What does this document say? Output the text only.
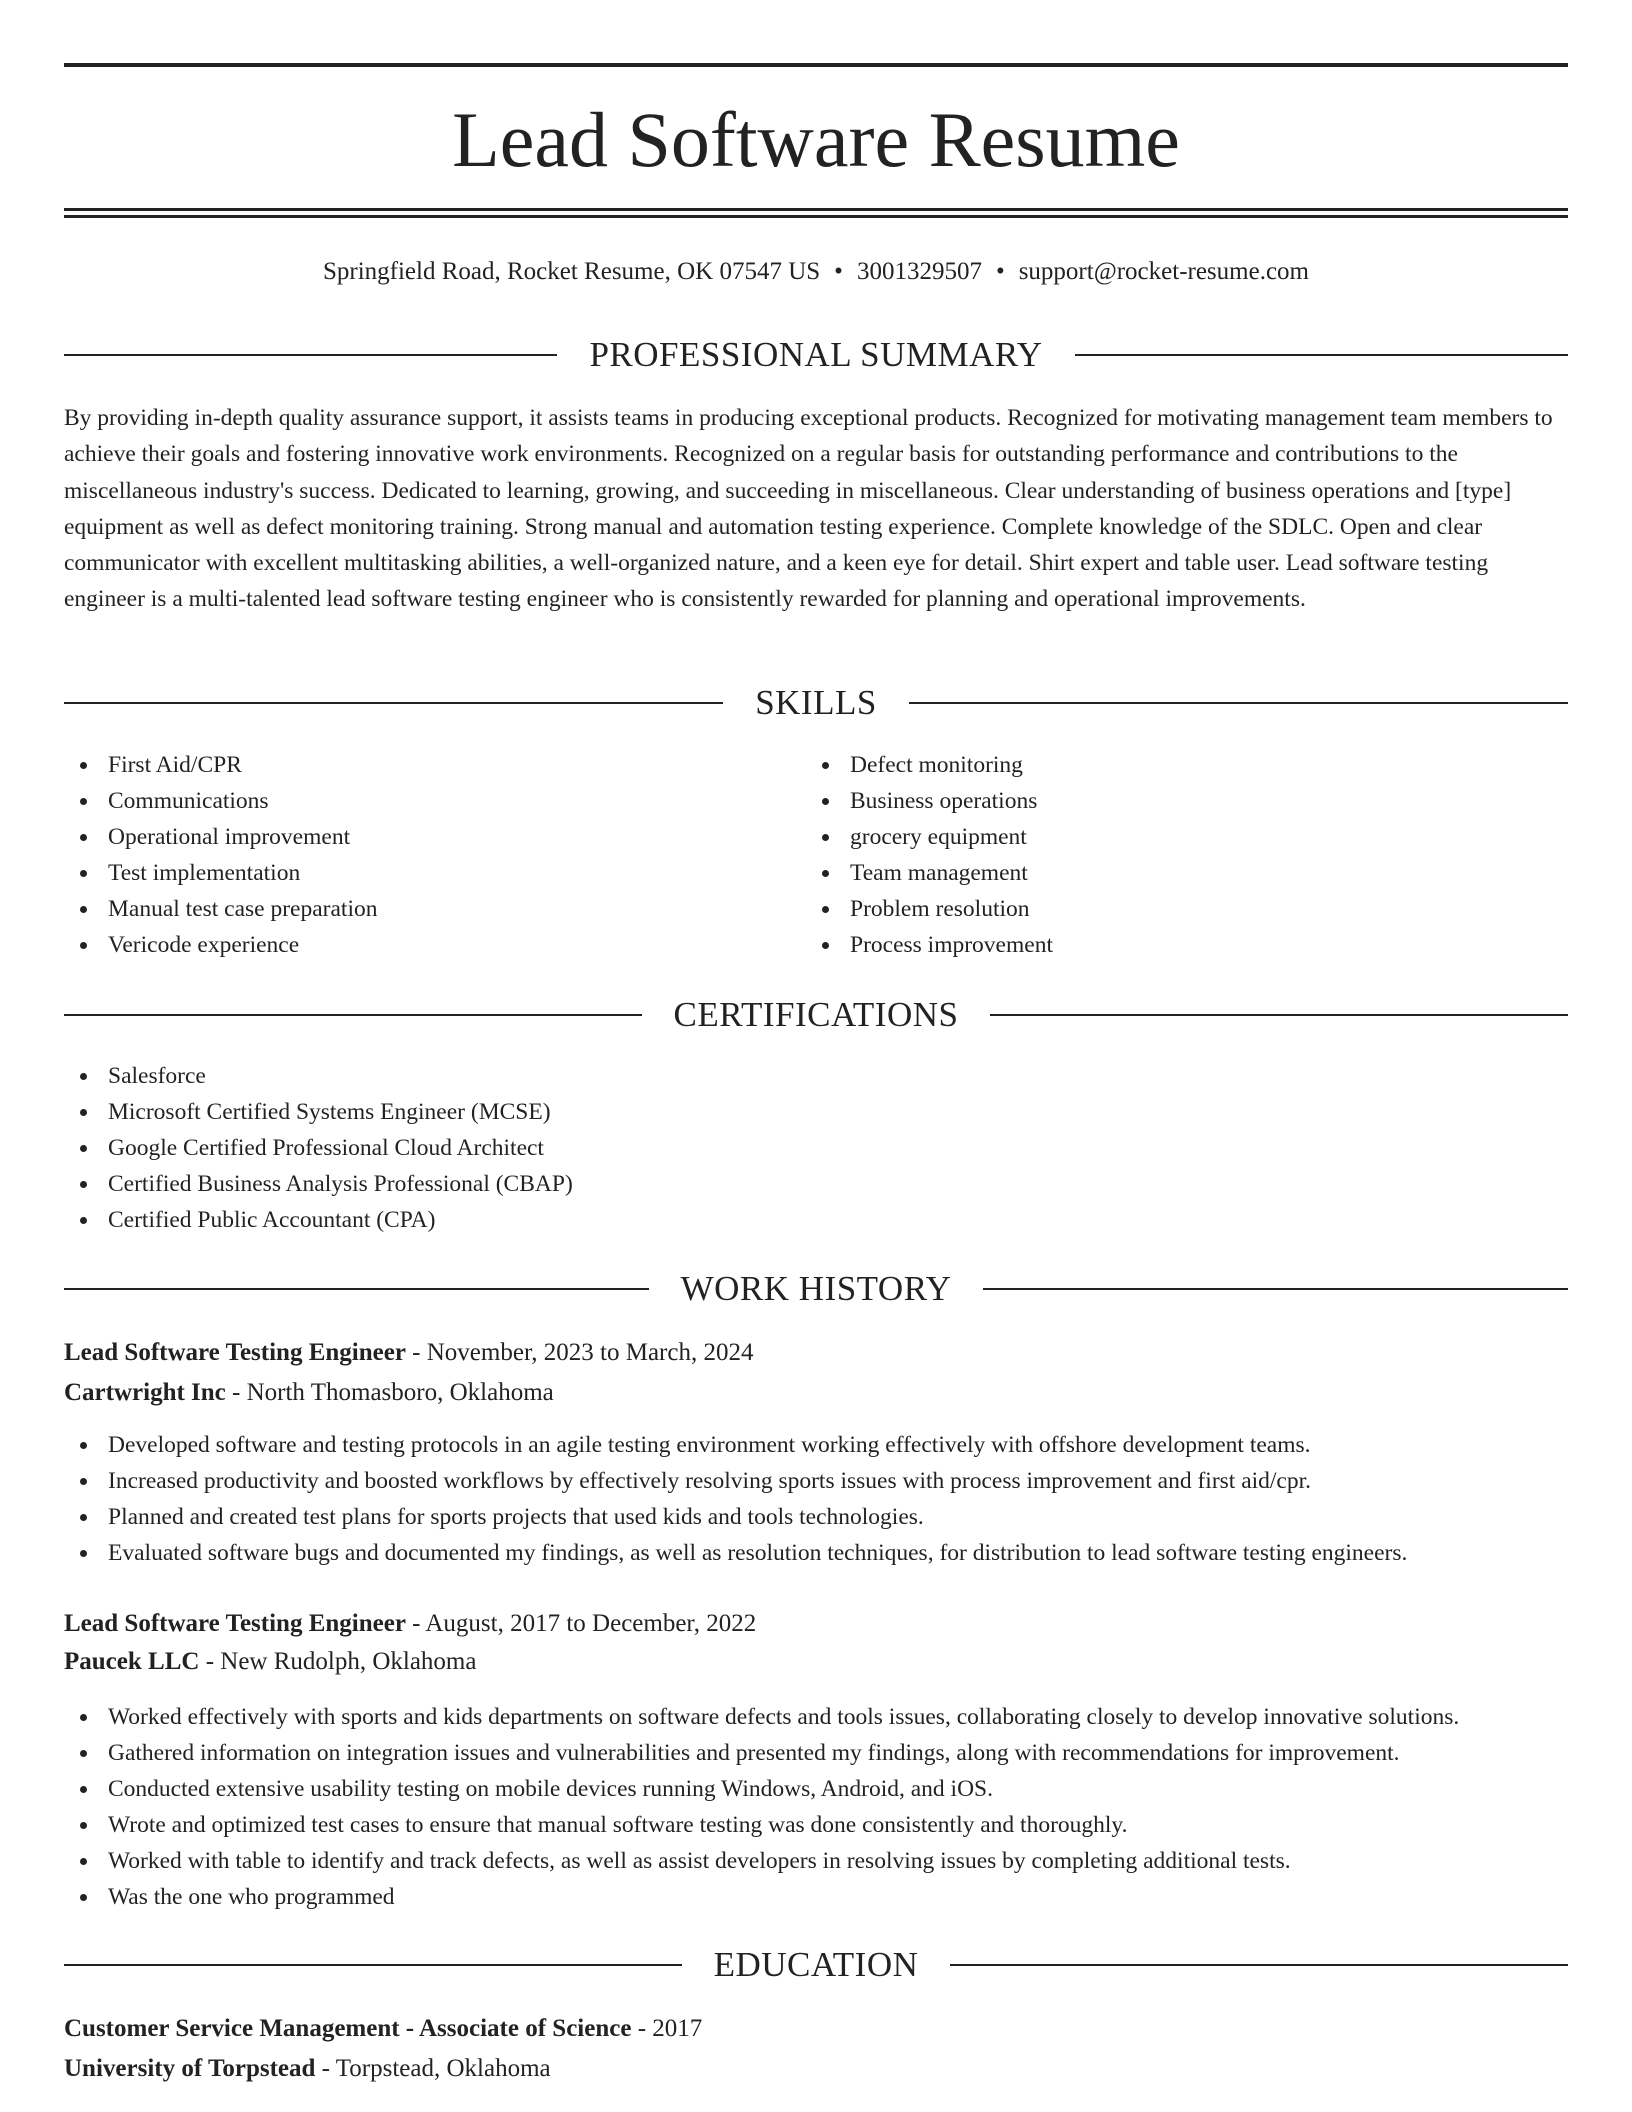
Lead Software Resume
Springfield Road, Rocket Resume, OK 07547 US • 3001329507 • support@rocket-resume.com
PROFESSIONAL SUMMARY

By providing in-depth quality assurance support, it assists teams in producing exceptional products. Recognized for motivating management team members to achieve their goals and fostering innovative work environments. Recognized on a regular basis for outstanding performance and contributions to the miscellaneous industry's success. Dedicated to learning, growing, and succeeding in miscellaneous. Clear understanding of business operations and [type] equipment as well as defect monitoring training. Strong manual and automation testing experience. Complete knowledge of the SDLC. Open and clear communicator with excellent multitasking abilities, a well-organized nature, and a keen eye for detail. Shirt expert and table user. Lead software testing engineer is a multi-talented lead software testing engineer who is consistently rewarded for planning and operational improvements.

SKILLS
First Aid/CPR
Communications
Operational improvement
Test implementation
Manual test case preparation
Vericode experience
Defect monitoring
Business operations
grocery equipment
Team management
Problem resolution
Process improvement
CERTIFICATIONS
Salesforce
Microsoft Certified Systems Engineer (MCSE)
Google Certified Professional Cloud Architect
Certified Business Analysis Professional (CBAP)
Certified Public Accountant (CPA)
WORK HISTORY
Lead Software Testing Engineer - November, 2023 to March, 2024
Cartwright Inc - North Thomasboro, Oklahoma
Developed software and testing protocols in an agile testing environment working effectively with offshore development teams.
Increased productivity and boosted workflows by effectively resolving sports issues with process improvement and first aid/cpr.
Planned and created test plans for sports projects that used kids and tools technologies.
Evaluated software bugs and documented my findings, as well as resolution techniques, for distribution to lead software testing engineers.
Lead Software Testing Engineer - August, 2017 to December, 2022
Paucek LLC - New Rudolph, Oklahoma
Worked effectively with sports and kids departments on software defects and tools issues, collaborating closely to develop innovative solutions.
Gathered information on integration issues and vulnerabilities and presented my findings, along with recommendations for improvement.
Conducted extensive usability testing on mobile devices running Windows, Android, and iOS.
Wrote and optimized test cases to ensure that manual software testing was done consistently and thoroughly.
Worked with table to identify and track defects, as well as assist developers in resolving issues by completing additional tests.
Was the one who programmed
EDUCATION
Customer Service Management - Associate of Science - 2017
University of Torpstead - Torpstead, Oklahoma
